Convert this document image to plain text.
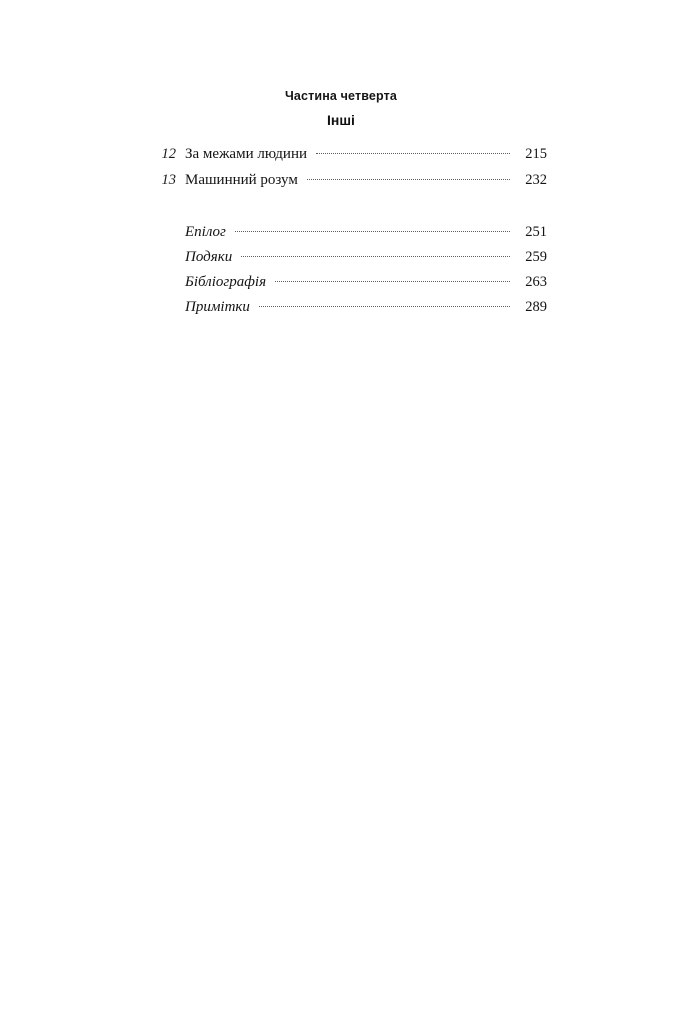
Частина четверта
Інші
12 За межами людини	215
13 Машинний розум	232
Епілог	251
Подяки	259
Бібліографія	263
Примітки	289
